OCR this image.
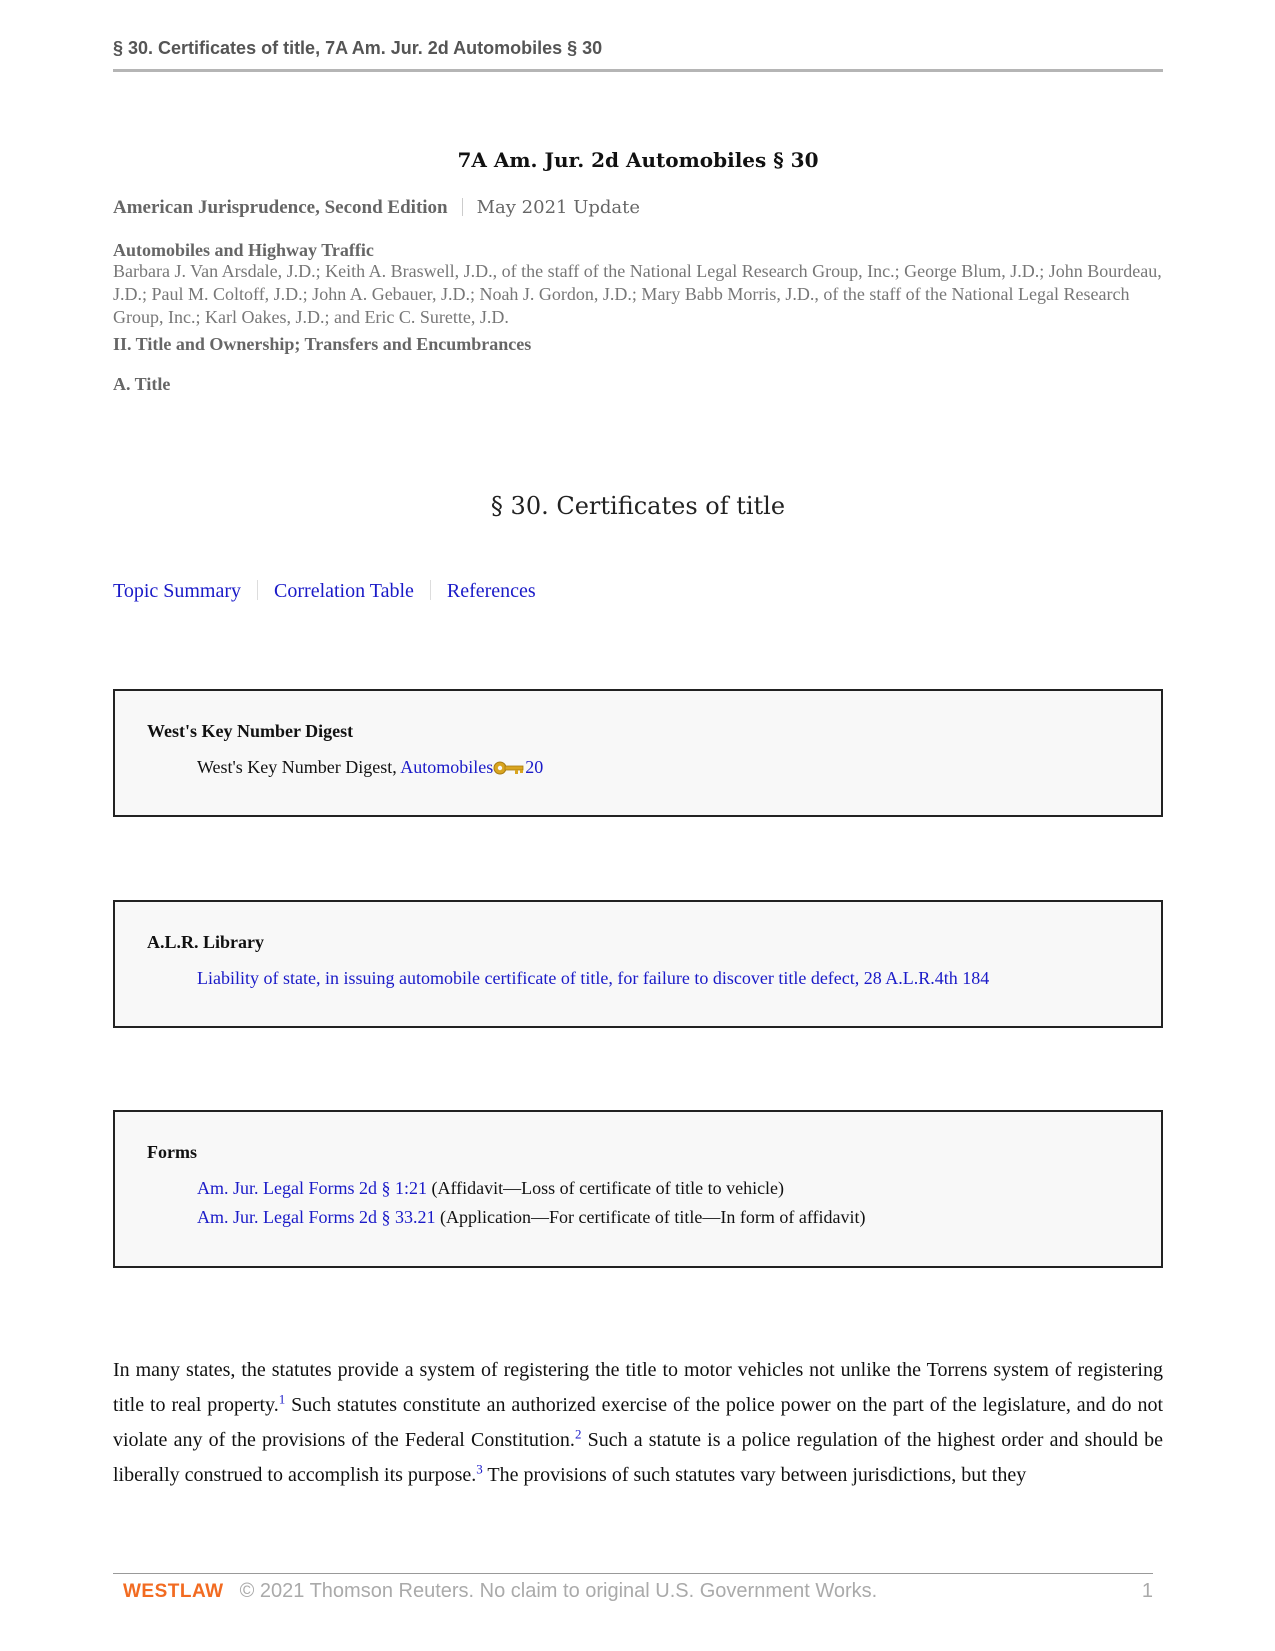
§ 30. Certificates of title, 7A Am. Jur. 2d Automobiles § 30
7A Am. Jur. 2d Automobiles § 30
American Jurisprudence, Second Edition May 2021 Update
Automobiles and Highway Traffic
Barbara J. Van Arsdale, J.D.; Keith A. Braswell, J.D., of the staff of the National Legal Research Group, Inc.; George Blum, J.D.; John Bourdeau, J.D.; Paul M. Coltoff, J.D.; John A. Gebauer, J.D.; Noah J. Gordon, J.D.; Mary Babb Morris, J.D., of the staff of the National Legal Research Group, Inc.; Karl Oakes, J.D.; and Eric C. Surette, J.D.
II. Title and Ownership; Transfers and Encumbrances
A. Title
§ 30. Certificates of title
Topic Summary Correlation Table References
West's Key Number Digest
West's Key Number Digest, Automobiles 20
A.L.R. Library
Liability of state, in issuing automobile certificate of title, for failure to discover title defect, 28 A.L.R.4th 184
Forms
Am. Jur. Legal Forms 2d § 1:21 (Affidavit—Loss of certificate of title to vehicle)
Am. Jur. Legal Forms 2d § 33.21 (Application—For certificate of title—In form of affidavit)
In many states, the statutes provide a system of registering the title to motor vehicles not unlike the Torrens system of registering title to real property.$^1$ Such statutes constitute an authorized exercise of the police power on the part of the legislature, and do not violate any of the provisions of the Federal Constitution.$^2$ Such a statute is a police regulation of the highest order and should be liberally construed to accomplish its purpose.$^3$ The provisions of such statutes vary between jurisdictions, but they
WESTLAW © 2021 Thomson Reuters. No claim to original U.S. Government Works.	1
